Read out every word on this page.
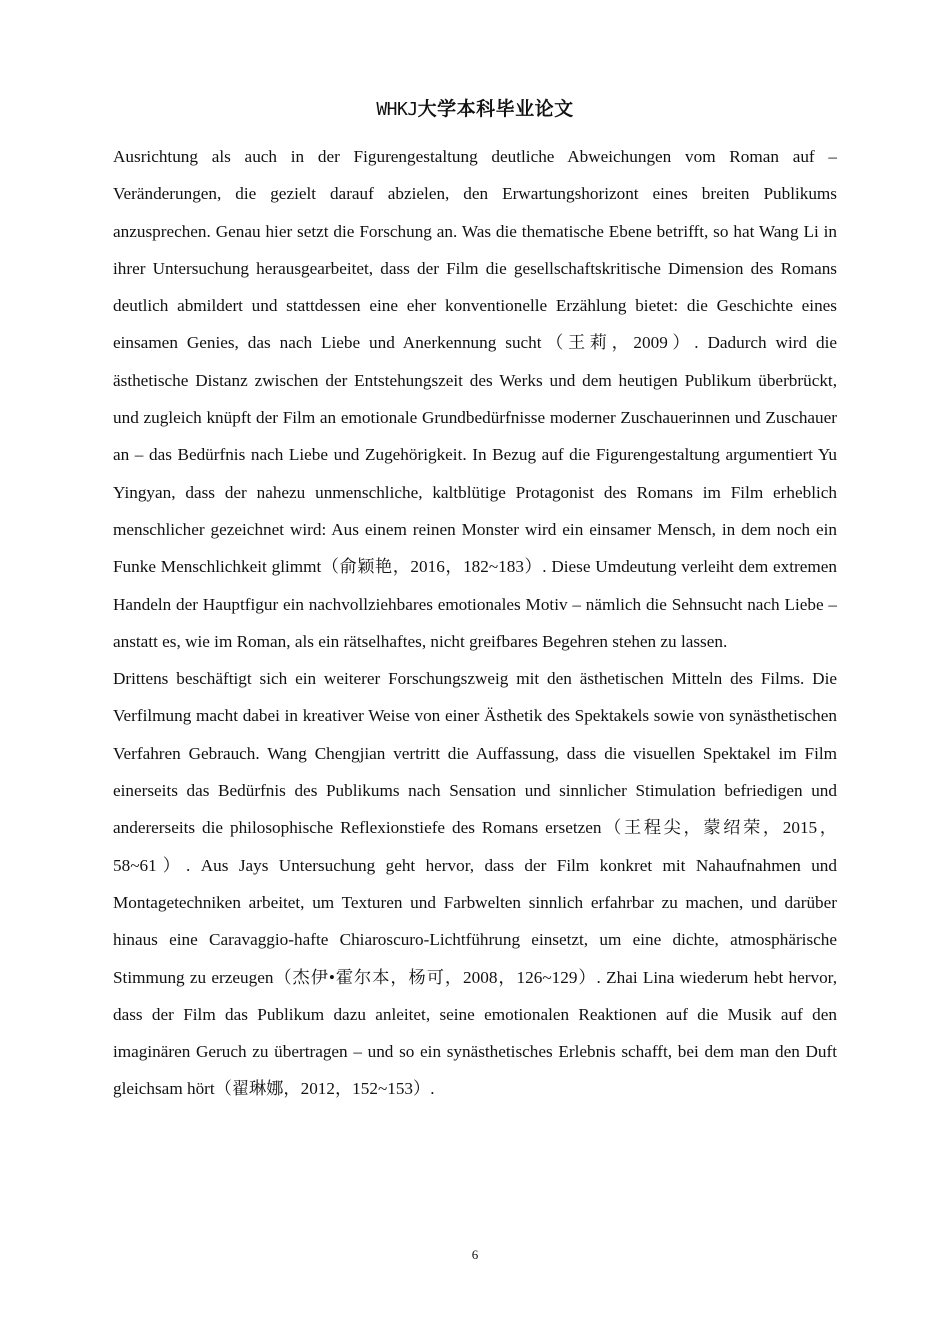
WHKJ大学本科毕业论文

Ausrichtung als auch in der Figurengestaltung deutliche Abweichungen vom Roman auf – Veränderungen, die gezielt darauf abzielen, den Erwartungshorizont eines breiten Publikums anzusprechen. Genau hier setzt die Forschung an. Was die thematische Ebene betrifft, so hat Wang Li in ihrer Untersuchung herausgearbeitet, dass der Film die gesellschaftskritische Dimension des Romans deutlich abmildert und stattdessen eine eher konventionelle Erzählung bietet: die Geschichte eines einsamen Genies, das nach Liebe und Anerkennung sucht（王莉，2009）. Dadurch wird die ästhetische Distanz zwischen der Entstehungszeit des Werks und dem heutigen Publikum überbrückt, und zugleich knüpft der Film an emotionale Grundbedürfnisse moderner Zuschauerinnen und Zuschauer an – das Bedürfnis nach Liebe und Zugehörigkeit. In Bezug auf die Figurengestaltung argumentiert Yu Yingyan, dass der nahezu unmenschliche, kaltblütige Protagonist des Romans im Film erheblich menschlicher gezeichnet wird: Aus einem reinen Monster wird ein einsamer Mensch, in dem noch ein Funke Menschlichkeit glimmt（俞颖艳，2016，182~183）. Diese Umdeutung verleiht dem extremen Handeln der Hauptfigur ein nachvollziehbares emotionales Motiv – nämlich die Sehnsucht nach Liebe – anstatt es, wie im Roman, als ein rätselhaftes, nicht greifbares Begehren stehen zu lassen.

Drittens beschäftigt sich ein weiterer Forschungszweig mit den ästhetischen Mitteln des Films. Die Verfilmung macht dabei in kreativer Weise von einer Ästhetik des Spektakels sowie von synästhetischen Verfahren Gebrauch. Wang Chengjian vertritt die Auffassung, dass die visuellen Spektakel im Film einerseits das Bedürfnis des Publikums nach Sensation und sinnlicher Stimulation befriedigen und andererseits die philosophische Reflexionstiefe des Romans ersetzen（王程尖，蒙绍荣，2015，58~61）. Aus Jays Untersuchung geht hervor, dass der Film konkret mit Nahaufnahmen und Montagetechniken arbeitet, um Texturen und Farbwelten sinnlich erfahrbar zu machen, und darüber hinaus eine Caravaggio-hafte Chiaroscuro-Lichtführung einsetzt, um eine dichte, atmosphärische Stimmung zu erzeugen（杰伊•霍尔本，杨可，2008，126~129）. Zhai Lina wiederum hebt hervor, dass der Film das Publikum dazu anleitet, seine emotionalen Reaktionen auf die Musik auf den imaginären Geruch zu übertragen – und so ein synästhetisches Erlebnis schafft, bei dem man den Duft gleichsam hört（翟琳娜，2012，152~153）.

6
